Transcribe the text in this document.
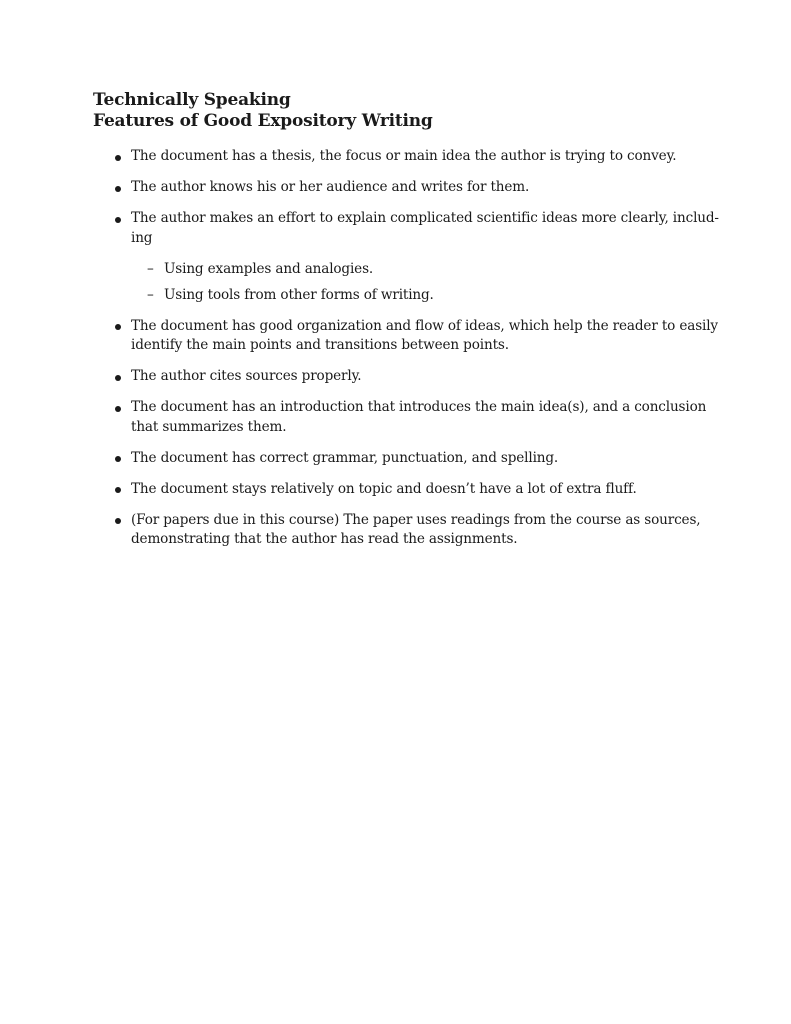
Technically Speaking
Features of Good Expository Writing
The document has a thesis, the focus or main idea the author is trying to convey.
The author knows his or her audience and writes for them.
The author makes an effort to explain complicated scientific ideas more clearly, includ-
ing
– Using examples and analogies.
– Using tools from other forms of writing.
The document has good organization and flow of ideas, which help the reader to easily
identify the main points and transitions between points.
The author cites sources properly.
The document has an introduction that introduces the main idea(s), and a conclusion
that summarizes them.
The document has correct grammar, punctuation, and spelling.
The document stays relatively on topic and doesn’t have a lot of extra fluff.
(For papers due in this course) The paper uses readings from the course as sources,
demonstrating that the author has read the assignments.
